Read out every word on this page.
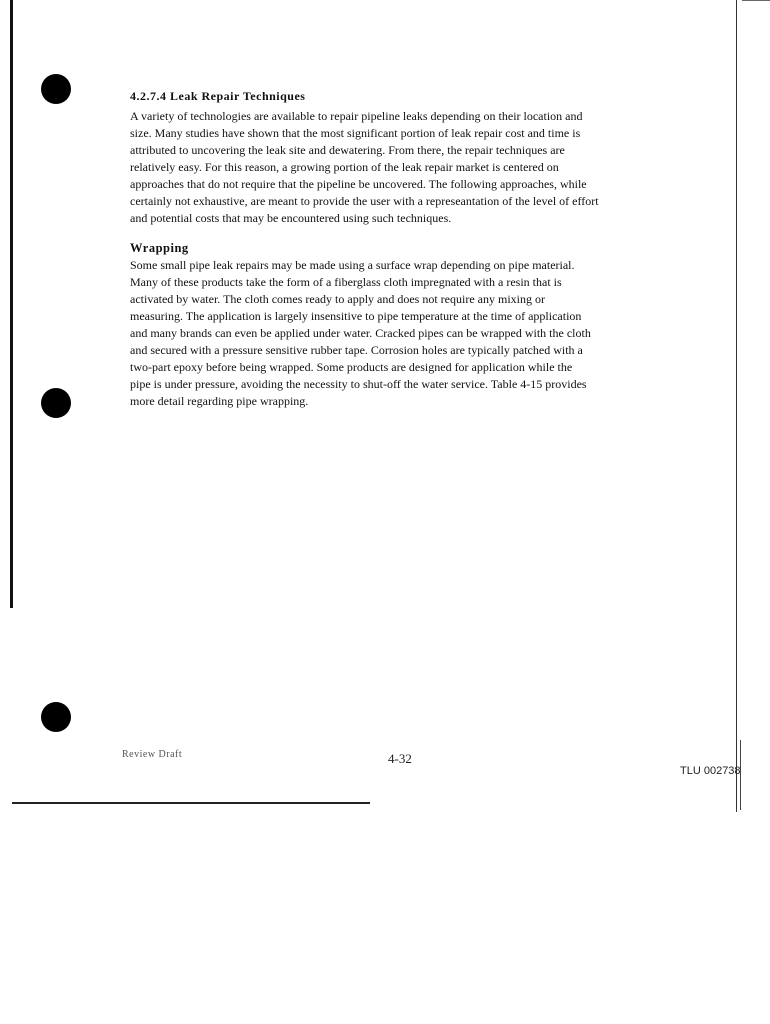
4.2.7.4 Leak Repair Techniques

A variety of technologies are available to repair pipeline leaks depending on their location and
size. Many studies have shown that the most significant portion of leak repair cost and time is
attributed to uncovering the leak site and dewatering. From there, the repair techniques are
relatively easy. For this reason, a growing portion of the leak repair market is centered on
approaches that do not require that the pipeline be uncovered. The following approaches, while
certainly not exhaustive, are meant to provide the user with a represeantation of the level of effort
and potential costs that may be encountered using such techniques.

Wrapping

Some small pipe leak repairs may be made using a surface wrap depending on pipe material.
Many of these products take the form of a fiberglass cloth impregnated with a resin that is
activated by water. The cloth comes ready to apply and does not require any mixing or
measuring. The application is largely insensitive to pipe temperature at the time of application
and many brands can even be applied under water. Cracked pipes can be wrapped with the cloth
and secured with a pressure sensitive rubber tape. Corrosion holes are typically patched with a
two-part epoxy before being wrapped. Some products are designed for application while the
pipe is under pressure, avoiding the necessity to shut-off the water service. Table 4-15 provides
more detail regarding pipe wrapping.

Review Draft	4-32
TLU 002738
